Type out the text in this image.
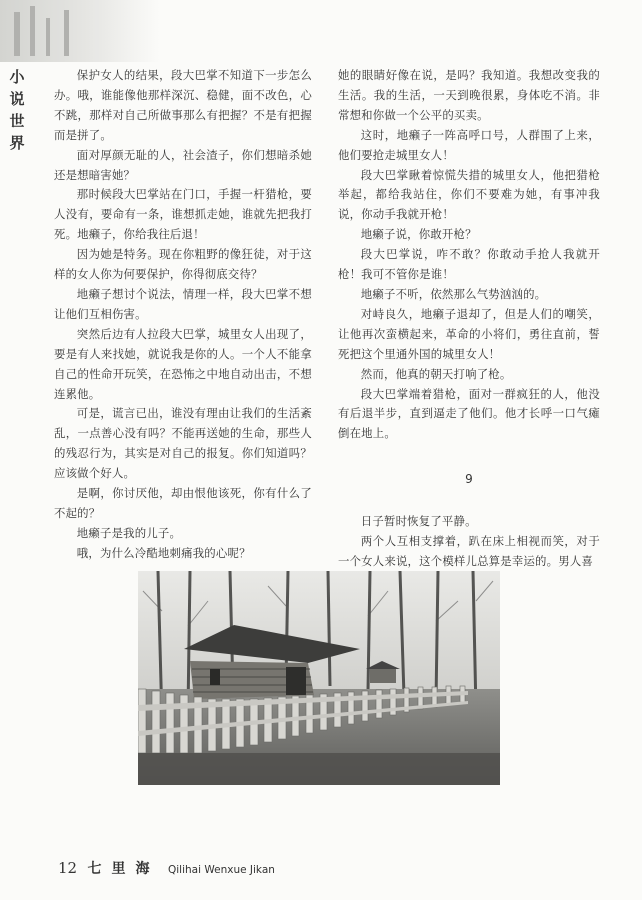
小说世界

保护女人的结果，段大巴掌不知道下一步怎么办。哦，谁能像他那样深沉、稳健，面不改色，心不跳，那样对自己所做事那么有把握？不是有把握而是拼了。

面对厚颜无耻的人，社会渣子，你们想暗杀她还是想暗害她？

那时候段大巴掌站在门口，手握一杆猎枪，要人没有，要命有一条，谁想抓走她，谁就先把我打死。地癞子，你给我往后退！

因为她是特务。现在你粗野的像狂徒，对于这样的女人你为何要保护，你得彻底交待？

地癞子想讨个说法，情理一样，段大巴掌不想让他们互相伤害。

突然后边有人拉段大巴掌，城里女人出现了，要是有人来找她，就说我是你的人。一个人不能拿自己的性命开玩笑，在恐怖之中地自动出击，不想连累他。

可是，谎言已出，谁没有理由让我们的生活紊乱，一点善心没有吗？不能再送她的生命，那些人的残忍行为，其实是对自己的报复。你们知道吗？应该做个好人。

是啊，你讨厌他，却由恨他该死，你有什么了不起的？

地癞子是我的儿子。

哦，为什么冷酷地刺痛我的心呢？

她的眼睛好像在说，是吗？我知道。我想改变我的生活。我的生活，一天到晚很累，身体吃不消。非常想和你做一个公平的买卖。

这时，地癞子一阵高呼口号，人群围了上来，他们要抢走城里女人！

段大巴掌瞅着惊慌失措的城里女人，他把猎枪举起，都给我站住，你们不要难为她，有事冲我说，你动手我就开枪！

地癞子说，你敢开枪？

段大巴掌说，咋不敢？你敢动手抢人我就开枪！我可不管你是谁！

地癞子不听，依然那么气势汹汹的。

对峙良久，地癞子退却了，但是人们的嘲笑，让他再次蛮横起来，革命的小将们，勇往直前，誓死把这个里通外国的城里女人！

然而，他真的朝天打响了枪。

段大巴掌端着猎枪，面对一群疯狂的人，他没有后退半步，直到逼走了他们。他才长呼一口气瘫倒在地上。

9

日子暂时恢复了平静。

两个人互相支撑着，趴在床上相视而笑，对于一个女人来说，这个模样儿总算是幸运的。男人喜

12 七里海 Qilihai Wenxue Jikan
